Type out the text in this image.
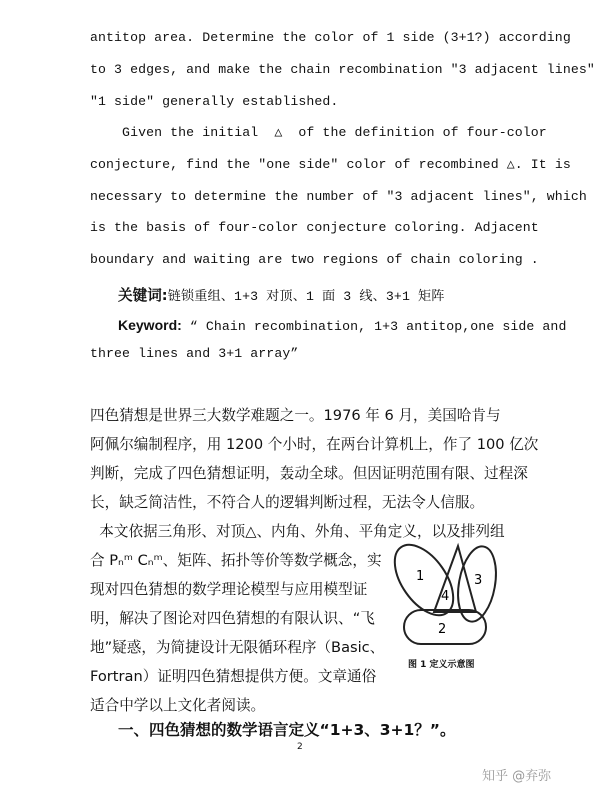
antitop area. Determine the color of 1 side (3+1?) according
to 3 edges, and make the chain recombination "3 adjacent lines"
"1 side" generally established.
Given the initial  △  of the definition of four-color
conjecture, find the "one side" color of recombined △. It is
necessary to determine the number of "3 adjacent lines", which
is the basis of four-color conjecture coloring. Adjacent
boundary and waiting are two regions of chain coloring .
关键词:链锁重组、1+3 对顶、1 面 3 线、3+1 矩阵
Keyword: “ Chain recombination, 1+3 antitop,one side and
three lines and 3+1 array”
四色猜想是世界三大数学难题之一。1976 年 6 月，美国哈肯与
阿佩尔编制程序，用 1200 个小时，在两台计算机上，作了 100 亿次
判断，完成了四色猜想证明，轰动全球。但因证明范围有限、过程深
长，缺乏简洁性，不符合人的逻辑判断过程，无法令人信服。
本文依据三角形、对顶△、内角、外角、平角定义，以及排列组
合 Pₙᵐ Cₙᵐ、矩阵、拓扑等价等数学概念，实
现对四色猜想的数学理论模型与应用模型证
明，解决了图论对四色猜想的有限认识、“飞
地”疑惑，为简捷设计无限循环程序（Basic、
Fortran）证明四色猜想提供方便。文章通俗
适合中学以上文化者阅读。
一、四色猜想的数学语言定义“1+3、3+1？”。
1	3
4
2
图 1 定义示意图
2
知乎 @弃弥
